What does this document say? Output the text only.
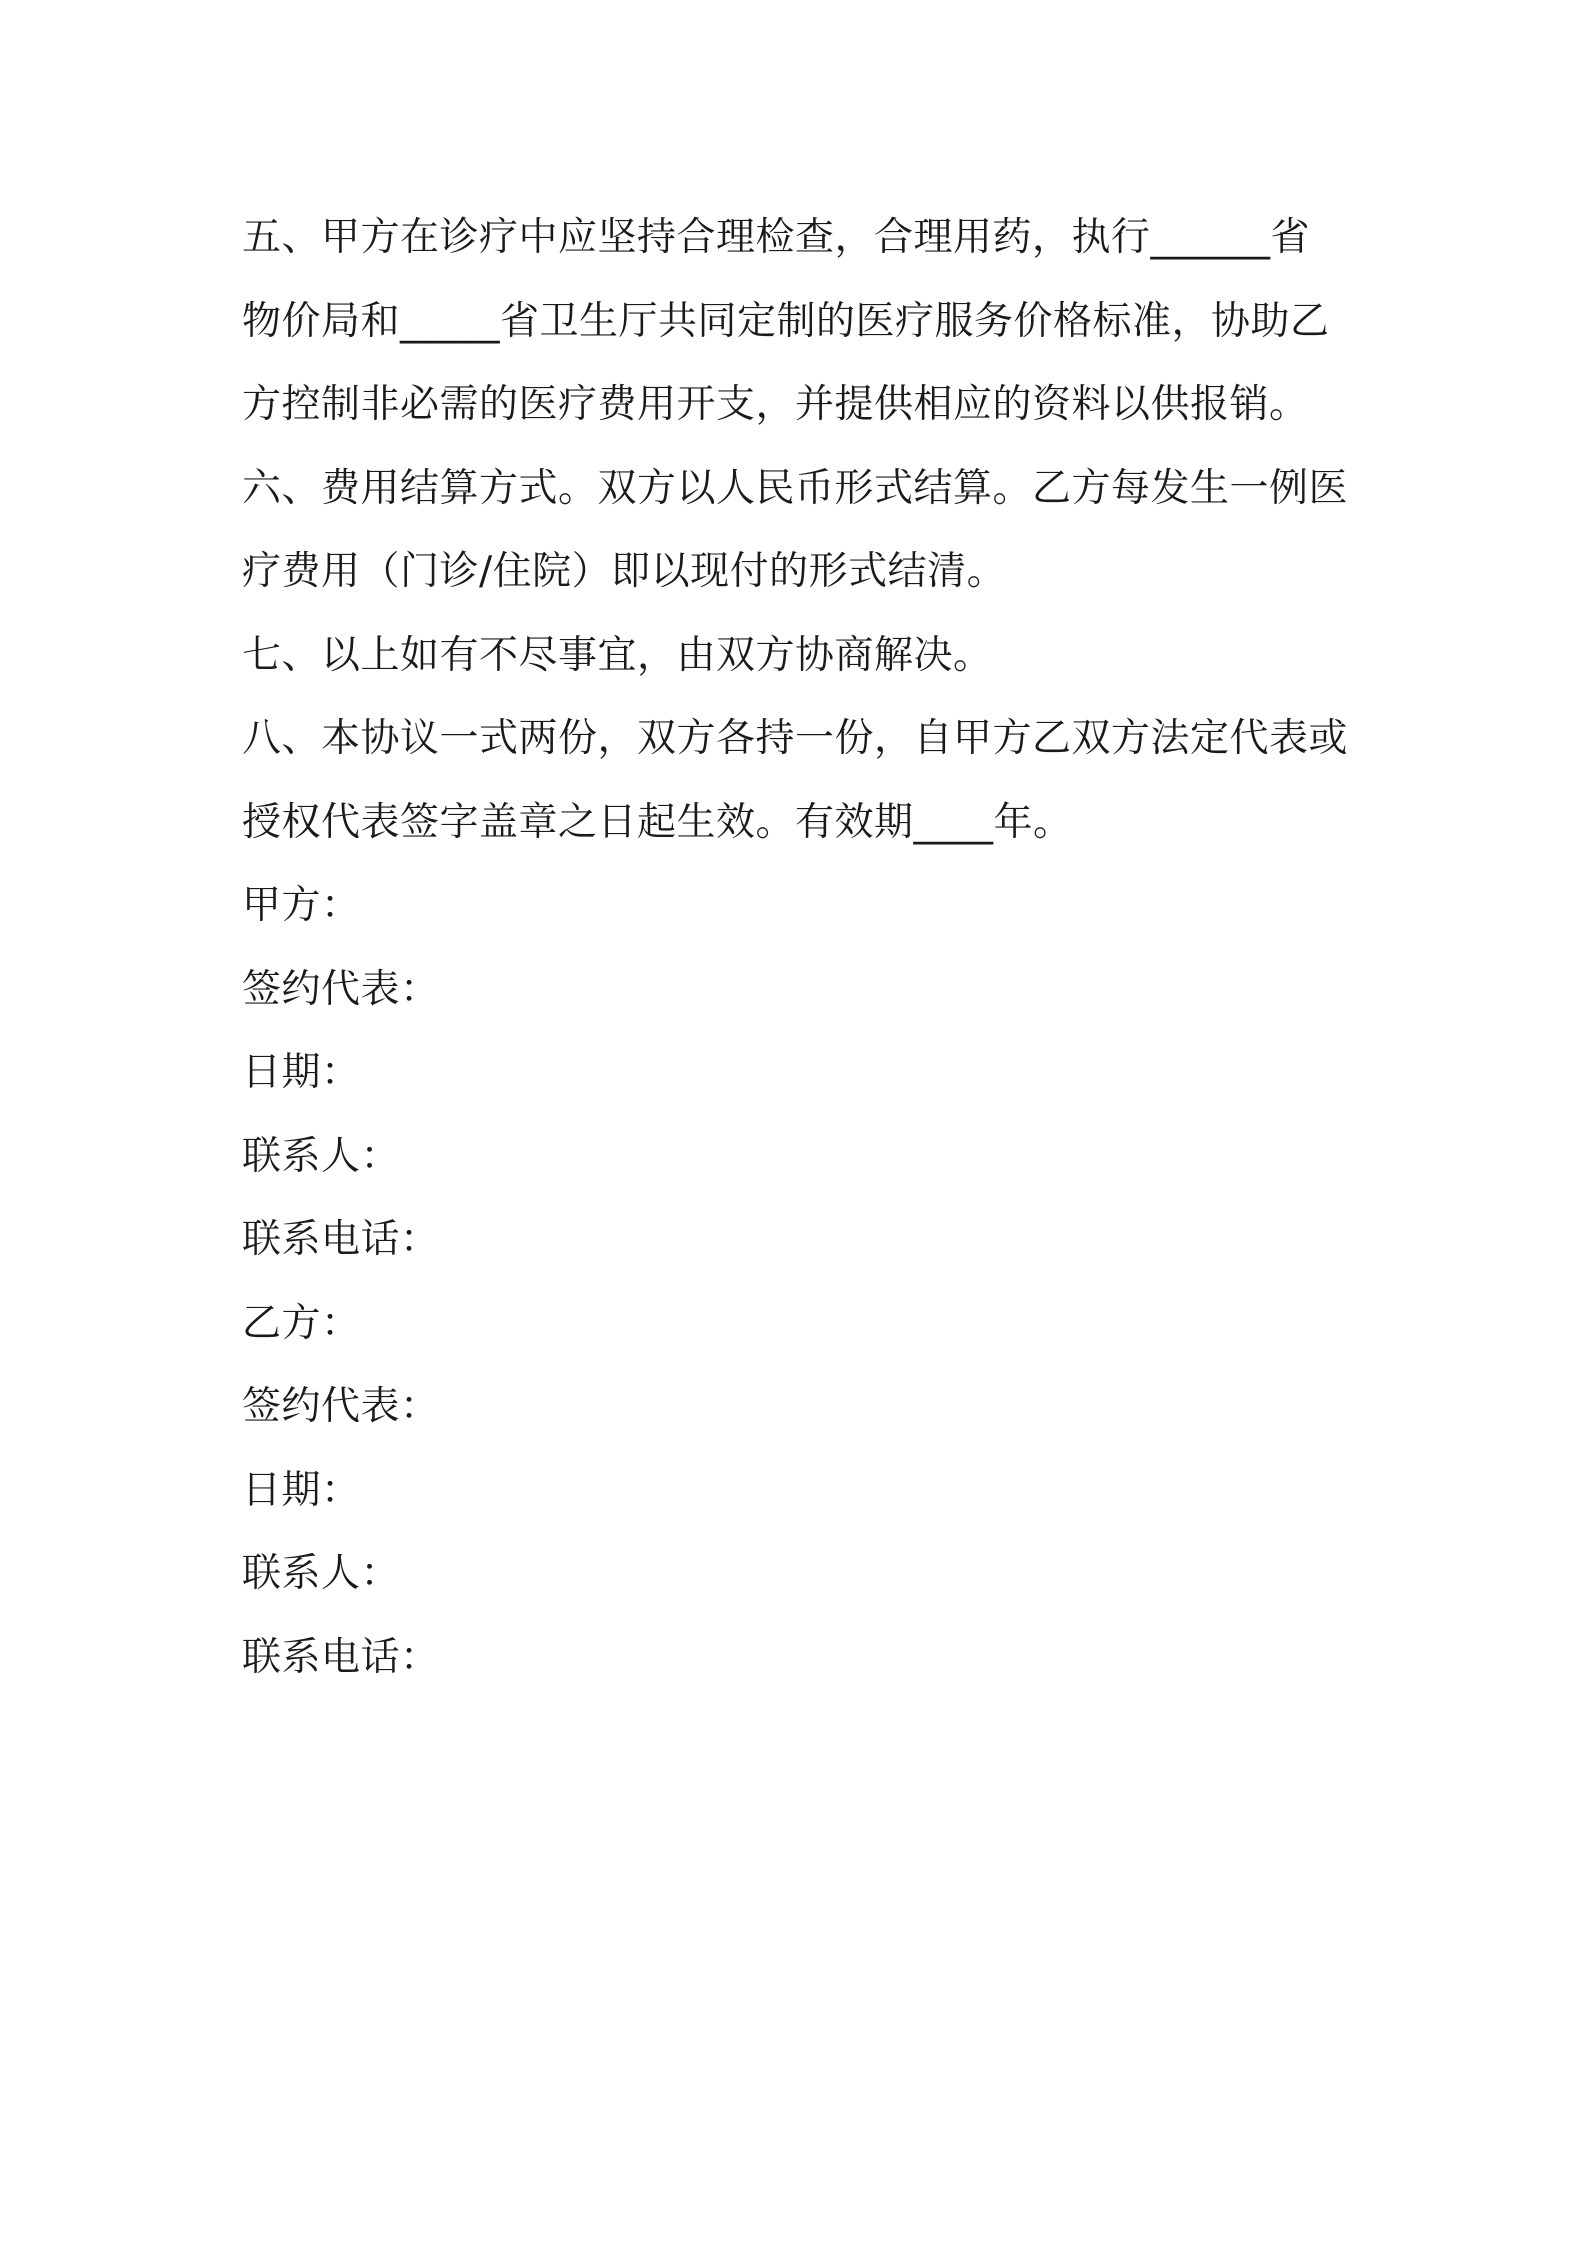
五、甲方在诊疗中应坚持合理检查，合理用药，执行______省
物价局和_____省卫生厅共同定制的医疗服务价格标准，协助乙
方控制非必需的医疗费用开支，并提供相应的资料以供报销。
六、费用结算方式。双方以人民币形式结算。乙方每发生一例医
疗费用（门诊/住院）即以现付的形式结清。
七、以上如有不尽事宜，由双方协商解决。
八、本协议一式两份，双方各持一份，自甲方乙双方法定代表或
授权代表签字盖章之日起生效。有效期____年。
甲方：
签约代表：
日期：
联系人：
联系电话：
乙方：
签约代表：
日期：
联系人：
联系电话：
